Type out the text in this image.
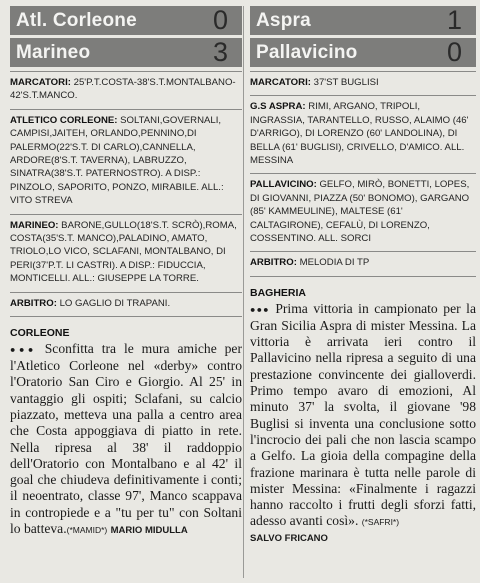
Atl. Corleone	0
Marineo	3

MARCATORI: 25'P.T.COSTA-38'S.T.MONTALBANO-42'S.T.MANCO.

ATLETICO CORLEONE: SOLTANI,GOVERNALI, CAMPISI,JAITEH, ORLANDO,PENNINO,DI PALERMO(22'S.T. DI CARLO),CANNELLA, ARDORE(8'S.T. TAVERNA), LABRUZZO, SINATRA(38'S.T. PATERNOSTRO). A DISP.: PINZOLO, SAPORITO, PONZO, MIRABILE. ALL.: VITO STREVA

MARINEO: BARONE,GULLO(18'S.T. SCRÒ),ROMA, COSTA(35'S.T. MANCO),PALADINO, AMATO, TRIOLO,LO VICO, SCLAFANI, MONTALBANO, DI PERI(37'P.T. LI CASTRI). A DISP.: FIDUCCIA, MONTICELLI. ALL.: GIUSEPPE LA TORRE.

ARBITRO: LO GAGLIO DI TRAPANI.

CORLEONE

●●● Sconfitta tra le mura amiche per l'Atletico Corleone nel «derby» contro l'Oratorio San Ciro e Giorgio. Al 25' in vantaggio gli ospiti; Sclafani, su calcio piazzato, metteva una palla a centro area che Costa appoggiava di piatto in rete. Nella ripresa al 38' il raddoppio dell'Oratorio con Montalbano e al 42' il goal che chiudeva definitivamente i conti; il neoentrato, classe 97', Manco scappava in contropiede e a "tu per tu" con Soltani lo batteva.(*MAMID*) MARIO MIDULLA

Aspra	1
Pallavicino	0

MARCATORI: 37'ST BUGLISI

G.S ASPRA: RIMI, ARGANO, TRIPOLI, INGRASSIA, TARANTELLO, RUSSO, ALAIMO (46' D'ARRIGO), DI LORENZO (60' LANDOLINA), DI BELLA (61' BUGLISI), CRIVELLO, D'AMICO. ALL. MESSINA

PALLAVICINO: GELFO, MIRÒ, BONETTI, LOPES, DI GIOVANNI, PIAZZA (50' BONOMO), GARGANO (85' KAMMEULINE), MALTESE (61' CALTAGIRONE), CEFALÙ, DI LORENZO, COSSENTINO. ALL. SORCI

ARBITRO: MELODIA DI TP

BAGHERIA

●●● Prima vittoria in campionato per la Gran Sicilia Aspra di mister Messina. La vittoria è arrivata ieri contro il Pallavicino nella ripresa a seguito di una prestazione convincente dei gialloverdi. Primo tempo avaro di emozioni, Al minuto 37' la svolta, il giovane '98 Buglisi si inventa una conclusione sotto l'incrocio dei pali che non lascia scampo a Gelfo. La gioia della compagine della frazione marinara è tutta nelle parole di mister Messina: «Finalmente i ragazzi hanno raccolto i frutti degli sforzi fatti, adesso avanti così». (*SAFRI*)

SALVO FRICANO
